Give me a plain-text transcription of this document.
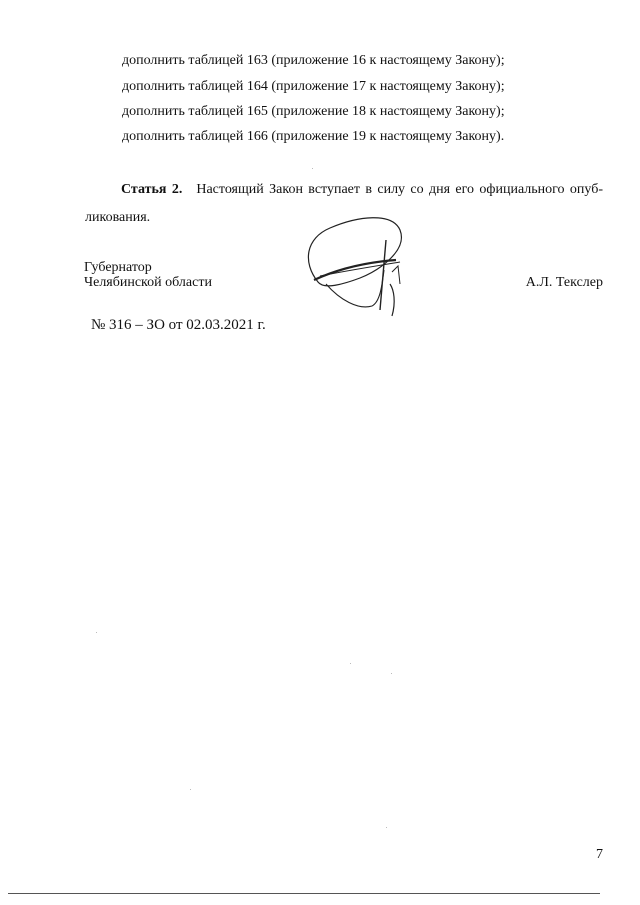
дополнить таблицей 163 (приложение 16 к настоящему Закону);
дополнить таблицей 164 (приложение 17 к настоящему Закону);
дополнить таблицей 165 (приложение 18 к настоящему Закону);
дополнить таблицей 166 (приложение 19 к настоящему Закону).
Статья 2. Настоящий Закон вступает в силу со дня его официального опубликования.
Губернатор
Челябинской области	А.Л. Текслер
№ 316 – ЗО от 02.03.2021 г.
7
